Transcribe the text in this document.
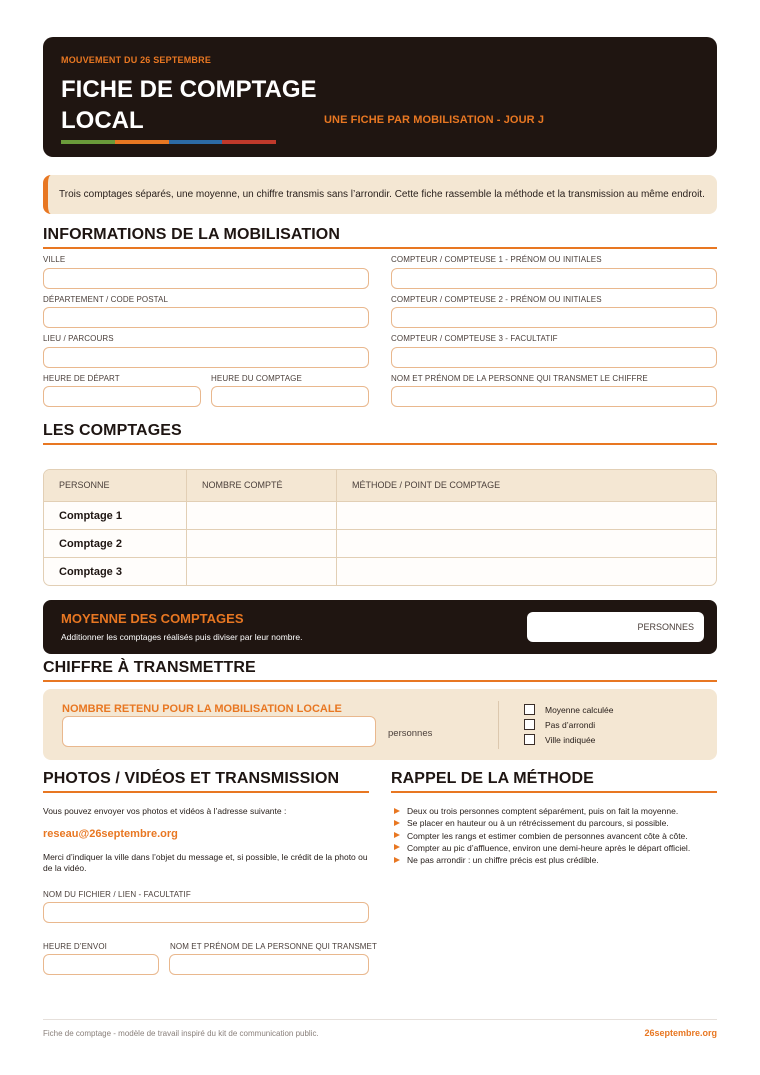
MOUVEMENT DU 26 SEPTEMBRE
FICHE DE COMPTAGE LOCAL	UNE FICHE PAR MOBILISATION - JOUR J
Trois comptages séparés, une moyenne, un chiffre transmis sans l’arrondir. Cette fiche rassemble la méthode et la transmission au même endroit.
INFORMATIONS DE LA MOBILISATION
VILLE
DÉPARTEMENT / CODE POSTAL
LIEU / PARCOURS
HEURE DE DÉPART	HEURE DU COMPTAGE
COMPTEUR / COMPTEUSE 1 - PRÉNOM OU INITIALES
COMPTEUR / COMPTEUSE 2 - PRÉNOM OU INITIALES
COMPTEUR / COMPTEUSE 3 - FACULTATIF
NOM ET PRÉNOM DE LA PERSONNE QUI TRANSMET LE CHIFFRE
LES COMPTAGES
PERSONNE	NOMBRE COMPTÉ	MÉTHODE / POINT DE COMPTAGE
Comptage 1
Comptage 2
Comptage 3
MOYENNE DES COMPTAGES
Additionner les comptages réalisés puis diviser par leur nombre.
PERSONNES
CHIFFRE À TRANSMETTRE
NOMBRE RETENU POUR LA MOBILISATION LOCALE
personnes
Moyenne calculée
Pas d’arrondi
Ville indiquée
PHOTOS / VIDÉOS ET TRANSMISSION
Vous pouvez envoyer vos photos et vidéos à l’adresse suivante :
reseau@26septembre.org
Merci d’indiquer la ville dans l’objet du message et, si possible, le crédit de la photo ou de la vidéo.
NOM DU FICHIER / LIEN - FACULTATIF
HEURE D’ENVOI	NOM ET PRÉNOM DE LA PERSONNE QUI TRANSMET
RAPPEL DE LA MÉTHODE
Deux ou trois personnes comptent séparément, puis on fait la moyenne.
Se placer en hauteur ou à un rétrécissement du parcours, si possible.
Compter les rangs et estimer combien de personnes avancent côte à côte.
Compter au pic d’affluence, environ une demi-heure après le départ officiel.
Ne pas arrondir : un chiffre précis est plus crédible.
Fiche de comptage - modèle de travail inspiré du kit de communication public.	26septembre.org
